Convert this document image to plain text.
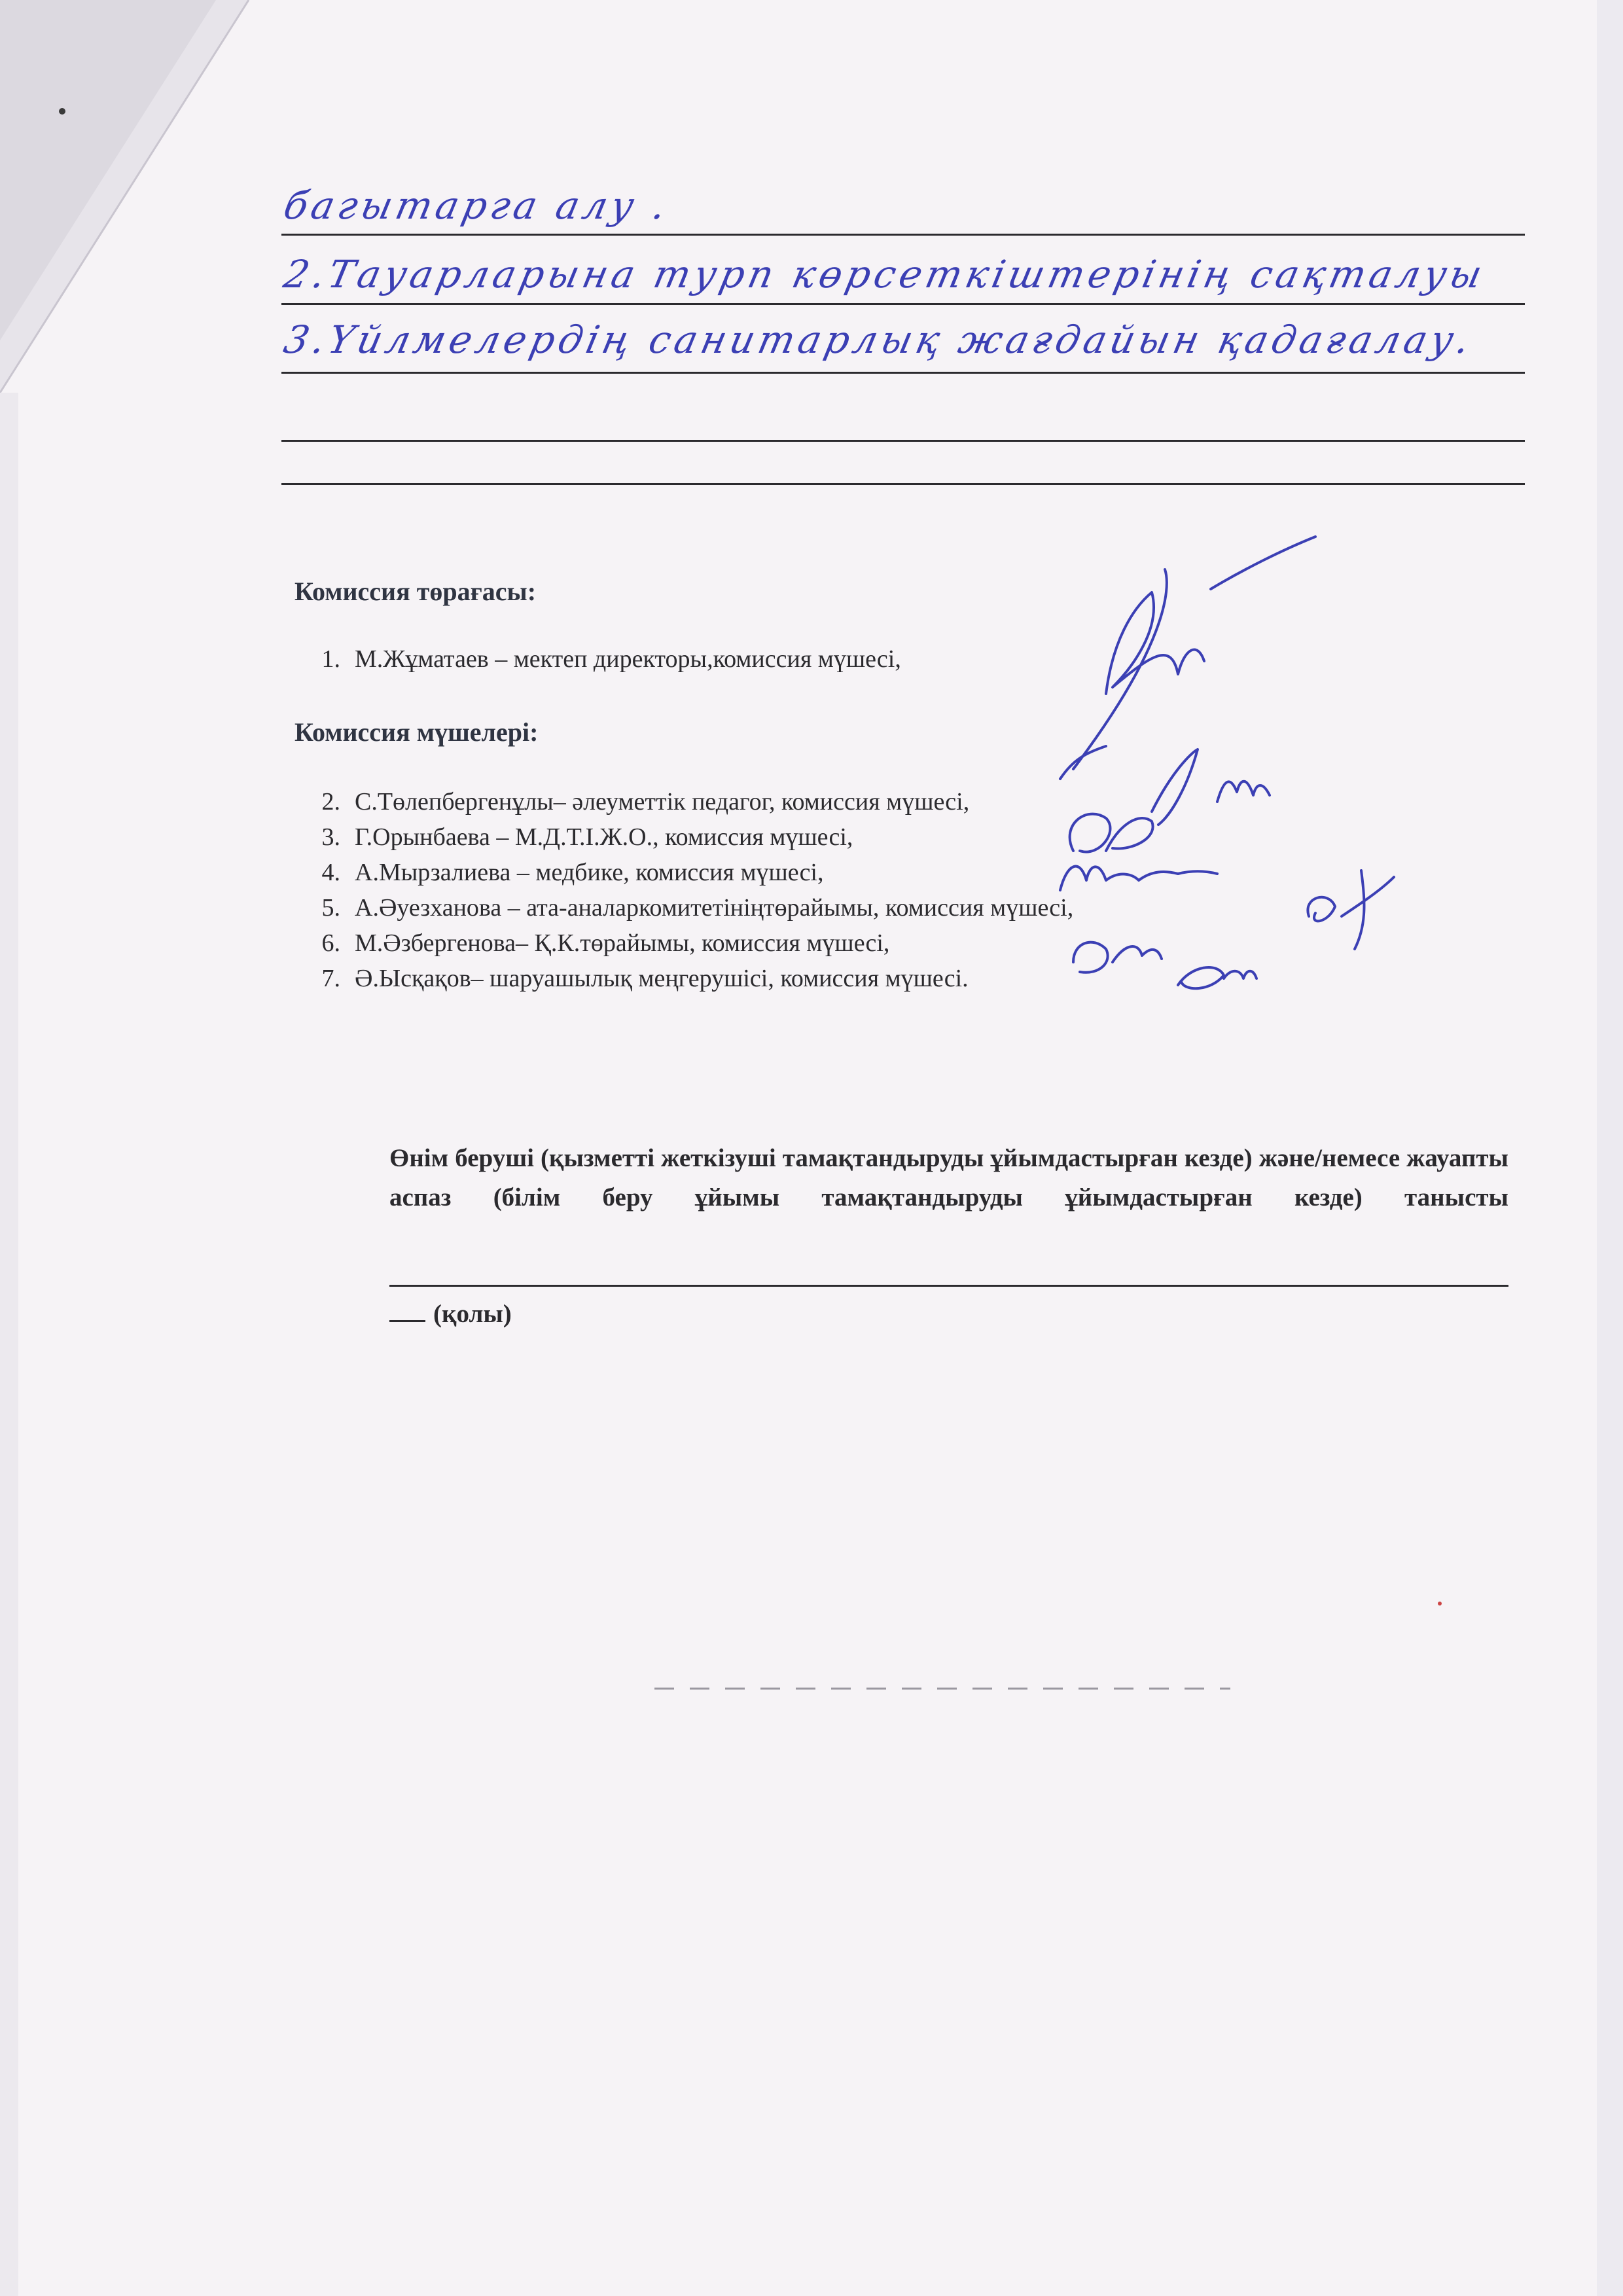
багытарга алу .
2.Тауарларына турп көрсеткіштерінің сақталуы
3.Үйлмелердің санитарлық жағдайын қадағалау.
Комиссия төрағасы:
1. М.Жұматаев – мектеп директоры,комиссия мүшесі,
Комиссия мүшелері:
2. С.Төлепбергенұлы– әлеуметтік педагог, комиссия мүшесі,
3. Г.Орынбаева – М.Д.Т.І.Ж.О., комиссия мүшесі,
4. А.Мырзалиева – медбике, комиссия мүшесі,
5. А.Әуезханова – ата-аналаркомитетініңтөрайымы, комиссия мүшесі,
6. М.Әзбергенова– Қ.К.төрайымы, комиссия мүшесі,
7. Ә.Ысқақов– шаруашылық меңгерушісі, комиссия мүшесі.
Өнім беруші (қызметті жеткізуші тамақтандыруды ұйымдастырған кезде) және/немесе жауапты аспаз (білім беру ұйымы тамақтандыруды ұйымдастырған кезде) танысты
(қолы)
